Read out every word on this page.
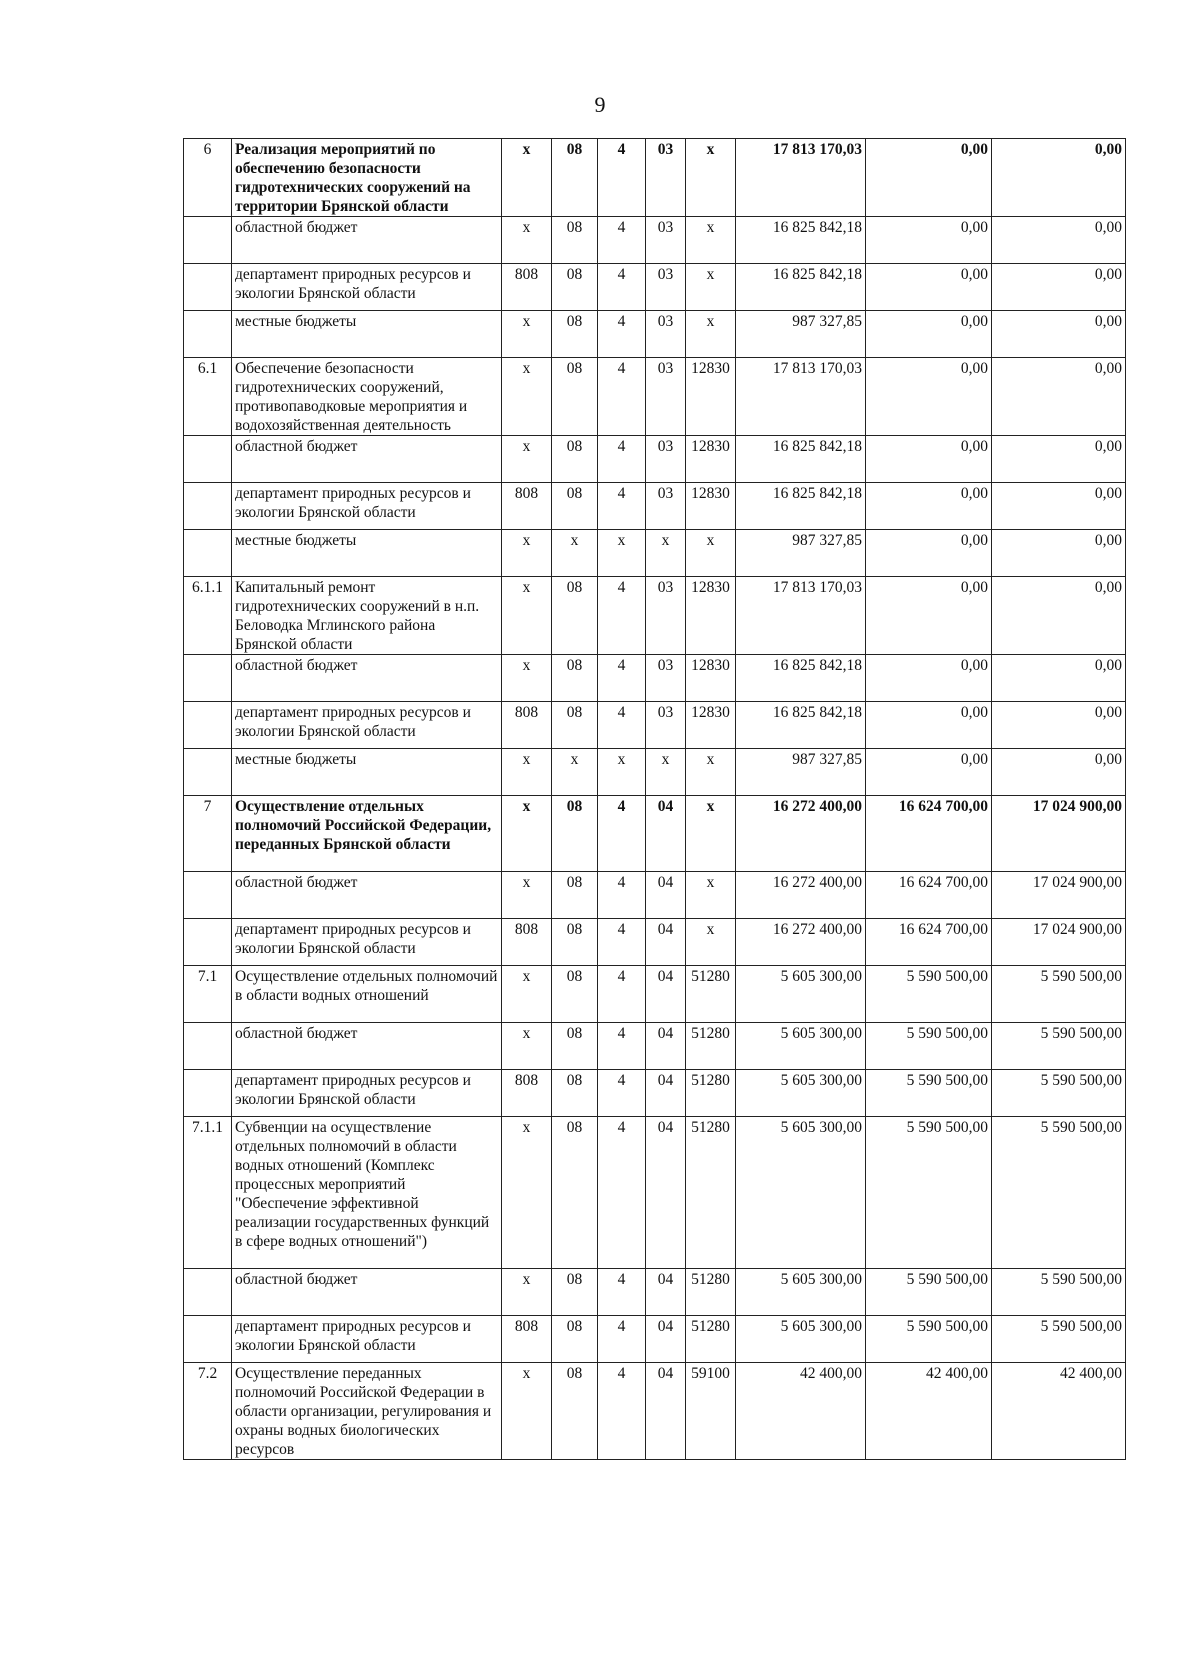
9
6	Реализация мероприятий по обеспечению безопасности гидротехнических сооружений на территории Брянской области	х	08	4	03	х	17 813 170,03	0,00	0,00
	областной бюджет	х	08	4	03	х	16 825 842,18	0,00	0,00
	департамент природных ресурсов и экологии Брянской области	808	08	4	03	х	16 825 842,18	0,00	0,00
	местные бюджеты	х	08	4	03	х	987 327,85	0,00	0,00
6.1	Обеспечение безопасности гидротехнических сооружений, противопаводковые мероприятия и водохозяйственная деятельность	х	08	4	03	12830	17 813 170,03	0,00	0,00
	областной бюджет	х	08	4	03	12830	16 825 842,18	0,00	0,00
	департамент природных ресурсов и экологии Брянской области	808	08	4	03	12830	16 825 842,18	0,00	0,00
	местные бюджеты	х	х	х	х	х	987 327,85	0,00	0,00
6.1.1	Капитальный ремонт гидротехнических сооружений в н.п. Беловодка Мглинского района Брянской области	х	08	4	03	12830	17 813 170,03	0,00	0,00
	областной бюджет	х	08	4	03	12830	16 825 842,18	0,00	0,00
	департамент природных ресурсов и экологии Брянской области	808	08	4	03	12830	16 825 842,18	0,00	0,00
	местные бюджеты	х	х	х	х	х	987 327,85	0,00	0,00
7	Осуществление отдельных полномочий Российской Федерации, переданных Брянской области	х	08	4	04	х	16 272 400,00	16 624 700,00	17 024 900,00
	областной бюджет	х	08	4	04	х	16 272 400,00	16 624 700,00	17 024 900,00
	департамент природных ресурсов и экологии Брянской области	808	08	4	04	х	16 272 400,00	16 624 700,00	17 024 900,00
7.1	Осуществление отдельных полномочий в области водных отношений	х	08	4	04	51280	5 605 300,00	5 590 500,00	5 590 500,00
	областной бюджет	х	08	4	04	51280	5 605 300,00	5 590 500,00	5 590 500,00
	департамент природных ресурсов и экологии Брянской области	808	08	4	04	51280	5 605 300,00	5 590 500,00	5 590 500,00
7.1.1	Субвенции на осуществление отдельных полномочий в области водных отношений (Комплекс процессных мероприятий "Обеспечение эффективной реализации государственных функций в сфере водных отношений")	х	08	4	04	51280	5 605 300,00	5 590 500,00	5 590 500,00
	областной бюджет	х	08	4	04	51280	5 605 300,00	5 590 500,00	5 590 500,00
	департамент природных ресурсов и экологии Брянской области	808	08	4	04	51280	5 605 300,00	5 590 500,00	5 590 500,00
7.2	Осуществление переданных полномочий Российской Федерации в области организации, регулирования и охраны водных биологических ресурсов	х	08	4	04	59100	42 400,00	42 400,00	42 400,00
